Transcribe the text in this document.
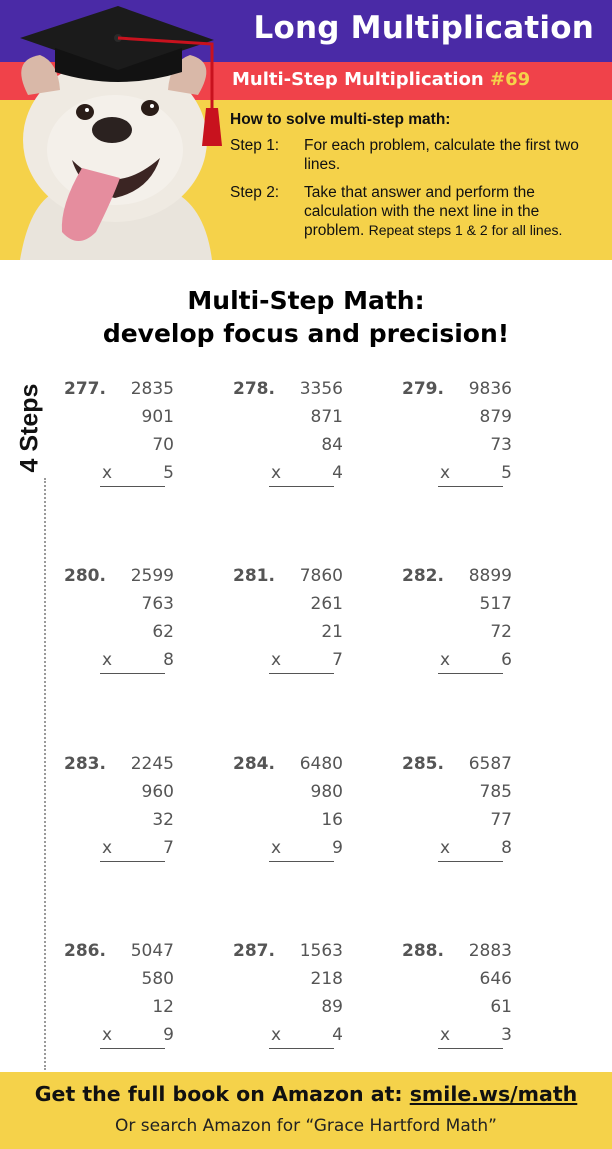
Long Multiplication
Multi-Step Multiplication #69
How to solve multi-step math:
Step 1:	For each problem, calculate the first two lines.
Step 2:	Take that answer and perform the calculation with the next line in the problem. Repeat steps 1 & 2 for all lines.
Multi-Step Math:
develop focus and precision!
4 Steps 277.	2835
901
70
5
x
278.	3356
871
84
4
x
279.	9836
879
73
5
x
280.	2599
763
62
8
x
281.	7860
261
21
7
x
282.	8899
517
72
6
x
283.	2245
960
32
7
x
284.	6480
980
16
9
x
285.	6587
785
77
8
x
286.	5047
580
12
9
x
287.	1563
218
89
4
x
288.	2883
646
61
3
x
Get the full book on Amazon at: smile.ws/math
Or search Amazon for “Grace Hartford Math”
